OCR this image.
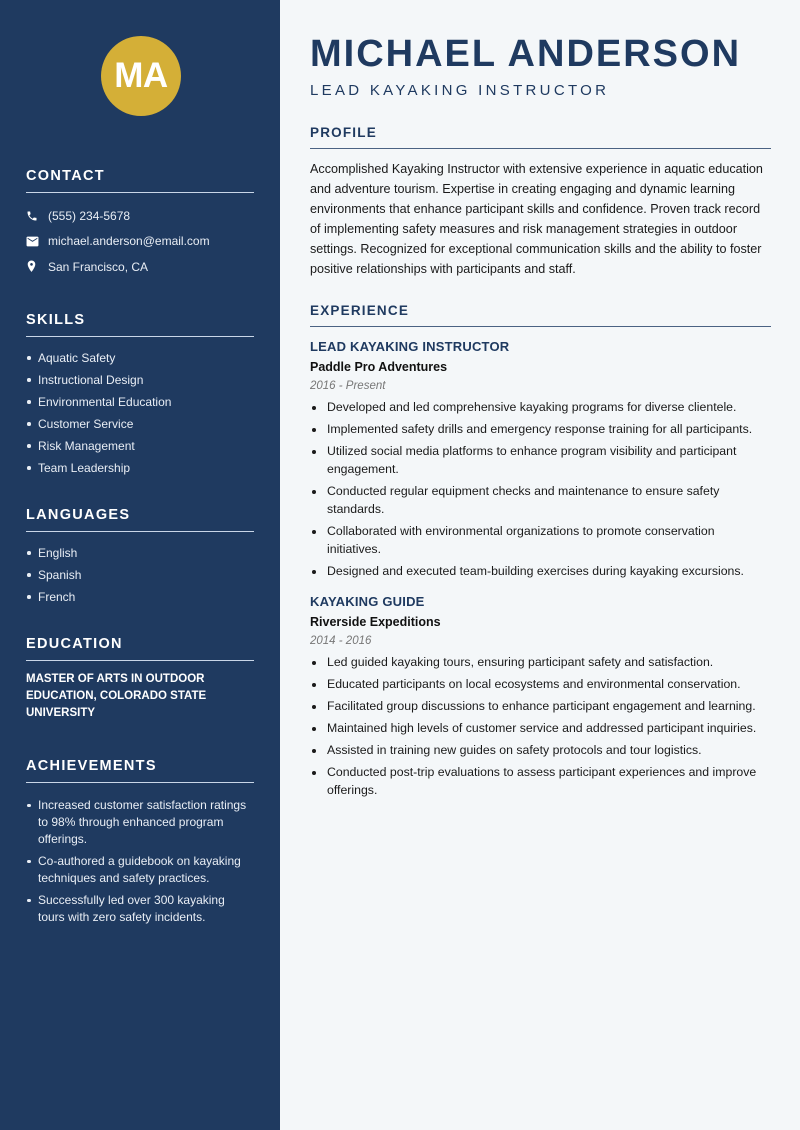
MA
CONTACT
(555) 234-5678
michael.anderson@email.com
San Francisco, CA
SKILLS
Aquatic Safety
Instructional Design
Environmental Education
Customer Service
Risk Management
Team Leadership
LANGUAGES
English
Spanish
French
EDUCATION

MASTER OF ARTS IN OUTDOOR EDUCATION, COLORADO STATE UNIVERSITY

ACHIEVEMENTS
Increased customer satisfaction ratings to 98% through enhanced program offerings.
Co-authored a guidebook on kayaking techniques and safety practices.
Successfully led over 300 kayaking tours with zero safety incidents.
MICHAEL ANDERSON
LEAD KAYAKING INSTRUCTOR
PROFILE

Accomplished Kayaking Instructor with extensive experience in aquatic education and adventure tourism. Expertise in creating engaging and dynamic learning environments that enhance participant skills and confidence. Proven track record of implementing safety measures and risk management strategies in outdoor settings. Recognized for exceptional communication skills and the ability to foster positive relationships with participants and staff.

EXPERIENCE
LEAD KAYAKING INSTRUCTOR
Paddle Pro Adventures
2016 - Present
Developed and led comprehensive kayaking programs for diverse clientele.
Implemented safety drills and emergency response training for all participants.
Utilized social media platforms to enhance program visibility and participant engagement.
Conducted regular equipment checks and maintenance to ensure safety standards.
Collaborated with environmental organizations to promote conservation initiatives.
Designed and executed team-building exercises during kayaking excursions.
KAYAKING GUIDE
Riverside Expeditions
2014 - 2016
Led guided kayaking tours, ensuring participant safety and satisfaction.
Educated participants on local ecosystems and environmental conservation.
Facilitated group discussions to enhance participant engagement and learning.
Maintained high levels of customer service and addressed participant inquiries.
Assisted in training new guides on safety protocols and tour logistics.
Conducted post-trip evaluations to assess participant experiences and improve offerings.
